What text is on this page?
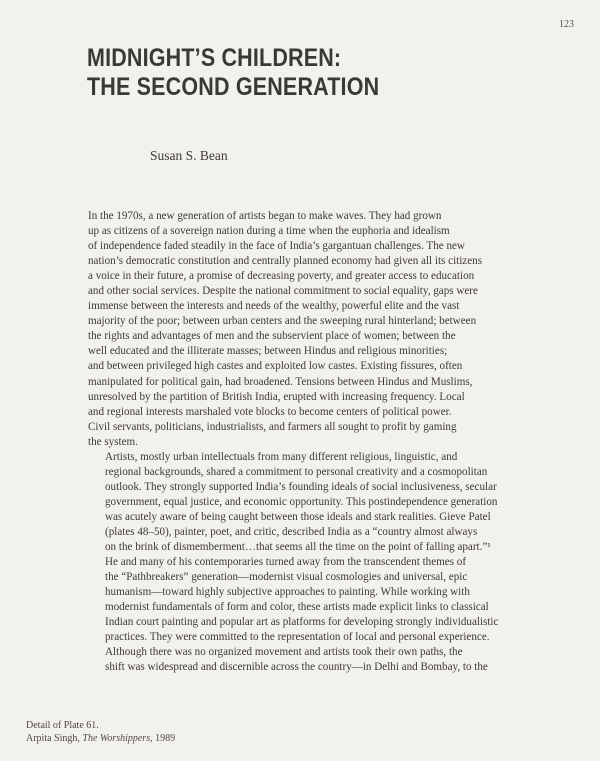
123
MIDNIGHT’S CHILDREN:
THE SECOND GENERATION
Susan S. Bean

In the 1970s, a new generation of artists began to make waves. They had grown
up as citizens of a sovereign nation during a time when the euphoria and idealism
of independence faded steadily in the face of India’s gargantuan challenges. The new
nation’s democratic constitution and centrally planned economy had given all its citizens
a voice in their future, a promise of decreasing poverty, and greater access to education
and other social services. Despite the national commitment to social equality, gaps were
immense between the interests and needs of the wealthy, powerful elite and the vast
majority of the poor; between urban centers and the sweeping rural hinterland; between
the rights and advantages of men and the subservient place of women; between the
well educated and the illiterate masses; between Hindus and religious minorities;
and between privileged high castes and exploited low castes. Existing fissures, often
manipulated for political gain, had broadened. Tensions between Hindus and Muslims,
unresolved by the partition of British India, erupted with increasing frequency. Local
and regional interests marshaled vote blocks to become centers of political power.
Civil servants, politicians, industrialists, and farmers all sought to profit by gaming
the system.

Artists, mostly urban intellectuals from many different religious, linguistic, and
regional backgrounds, shared a commitment to personal creativity and a cosmopolitan
outlook. They strongly supported India’s founding ideals of social inclusiveness, secular
government, equal justice, and economic opportunity. This postindependence generation
was acutely aware of being caught between those ideals and stark realities. Gieve Patel
(plates 48–50), painter, poet, and critic, described India as a “country almost always
on the brink of dismemberment…that seems all the time on the point of falling apart.”¹
He and many of his contemporaries turned away from the transcendent themes of
the “Pathbreakers” generation—modernist visual cosmologies and universal, epic
humanism—toward highly subjective approaches to painting. While working with
modernist fundamentals of form and color, these artists made explicit links to classical
Indian court painting and popular art as platforms for developing strongly individualistic
practices. They were committed to the representation of local and personal experience.

Although there was no organized movement and artists took their own paths, the
shift was widespread and discernible across the country—in Delhi and Bombay, to the

Detail of Plate 61.
Arpita Singh, The Worshippers, 1989
